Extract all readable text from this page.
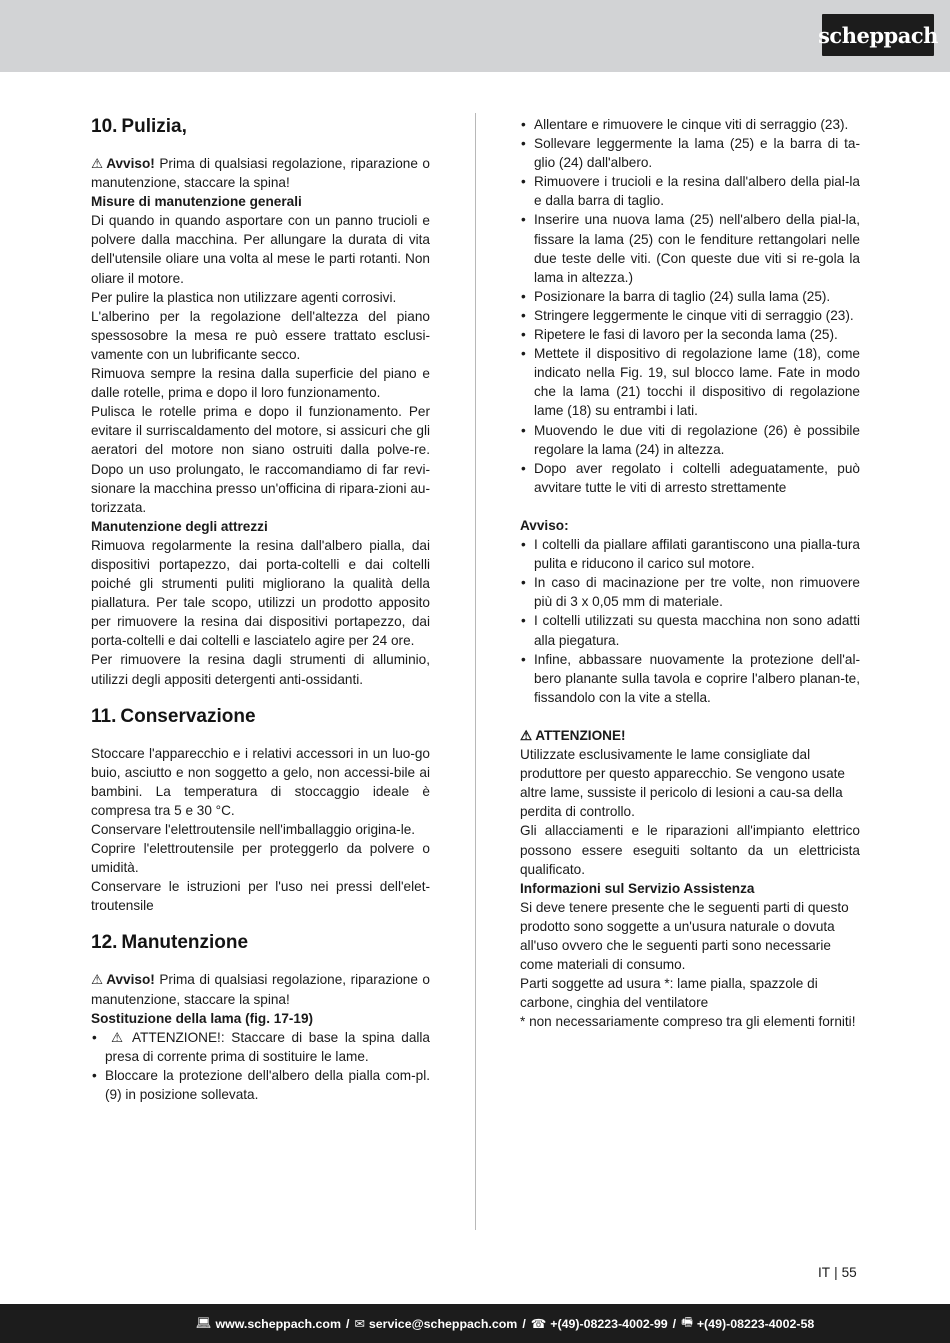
scheppach
10. Pulizia,
⚠ Avviso! Prima di qualsiasi regolazione, riparazione o manutenzione, staccare la spina!
Misure di manutenzione generali
Di quando in quando asportare con un panno trucioli e polvere dalla macchina. Per allungare la durata di vita dell'utensile oliare una volta al mese le parti rotanti. Non oliare il motore.
Per pulire la plastica non utilizzare agenti corrosivi.
L'alberino per la regolazione dell'altezza del piano spessosobre la mesa re può essere trattato esclusi-vamente con un lubrificante secco.
Rimuova sempre la resina dalla superficie del piano e dalle rotelle, prima e dopo il loro funzionamento.
Pulisca le rotelle prima e dopo il funzionamento. Per evitare il surriscaldamento del motore, si assicuri che gli aeratori del motore non siano ostruiti dalla polve-re. Dopo un uso prolungato, le raccomandiamo di far revi- sionare la macchina presso un'officina di ripara-zioni au- torizzata.
Manutenzione degli attrezzi
Rimuova regolarmente la resina dall'albero pialla, dai dispositivi portapezzo, dai porta-coltelli e dai coltelli poiché gli strumenti puliti migliorano la qualità della piallatura. Per tale scopo, utilizzi un prodotto apposito per rimuovere la resina dai dispositivi portapezzo, dai porta-coltelli e dai coltelli e lasciatelo agire per 24 ore.
Per rimuovere la resina dagli strumenti di alluminio, utilizzi degli appositi detergenti anti-ossidanti.
11. Conservazione
Stoccare l'apparecchio e i relativi accessori in un luo-go buio, asciutto e non soggetto a gelo, non accessi-bile ai bambini. La temperatura di stoccaggio ideale è compresa tra 5 e 30 °C.
Conservare l'elettroutensile nell'imballaggio origina-le.
Coprire l'elettroutensile per proteggerlo da polvere o umidità.
Conservare le istruzioni per l'uso nei pressi dell'elet-troutensile
12. Manutenzione
⚠ Avviso! Prima di qualsiasi regolazione, riparazione o manutenzione, staccare la spina!
Sostituzione della lama (fig. 17-19)
• ⚠ ATTENZIONE!: Staccare di base la spina dalla presa di corrente prima di sostituire le lame.
• Bloccare la protezione dell'albero della pialla com-pl. (9) in posizione sollevata.
• Allentare e rimuovere le cinque viti di serraggio (23).
• Sollevare leggermente la lama (25) e la barra di ta-glio (24) dall'albero.
• Rimuovere i trucioli e la resina dall'albero della pial-la e dalla barra di taglio.
• Inserire una nuova lama (25) nell'albero della pial-la, fissare la lama (25) con le fenditure rettangolari nelle due teste delle viti. (Con queste due viti si re-gola la lama in altezza.)
• Posizionare la barra di taglio (24) sulla lama (25).
• Stringere leggermente le cinque viti di serraggio (23).
• Ripetere le fasi di lavoro per la seconda lama (25).
• Mettete il dispositivo di regolazione lame (18), come indicato nella Fig. 19, sul blocco lame. Fate in modo che la lama (21) tocchi il dispositivo di regolazione lame (18) su entrambi i lati.
• Muovendo le due viti di regolazione (26) è possibile regolare la lama (24) in altezza.
• Dopo aver regolato i coltelli adeguatamente, può avvitare tutte le viti di arresto strettamente
Avviso:
• I coltelli da piallare affilati garantiscono una pialla-tura pulita e riducono il carico sul motore.
• In caso di macinazione per tre volte, non rimuovere più di 3 x 0,05 mm di materiale.
• I coltelli utilizzati su questa macchina non sono adatti alla piegatura.
• Infine, abbassare nuovamente la protezione dell'al-bero planante sulla tavola e coprire l'albero planan-te, fissandolo con la vite a stella.
⚠ ATTENZIONE!
Utilizzate esclusivamente le lame consigliate dal produttore per questo apparecchio. Se vengono usate altre lame, sussiste il pericolo di lesioni a cau-sa della perdita di controllo.
Gli allacciamenti e le riparazioni all'impianto elettrico possono essere eseguiti soltanto da un elettricista qualificato.
Informazioni sul Servizio Assistenza
Si deve tenere presente che le seguenti parti di questo prodotto sono soggette a un'usura naturale o dovuta all'uso ovvero che le seguenti parti sono necessarie come materiali di consumo.
Parti soggette ad usura *: lame pialla, spazzole di carbone, cinghia del ventilatore
* non necessariamente compreso tra gli elementi forniti!
IT | 55
💻︎ www.scheppach.com / ✉︎ service@scheppach.com / ☎︎ +(49)-08223-4002-99 / 🖷︎ +(49)-08223-4002-58
